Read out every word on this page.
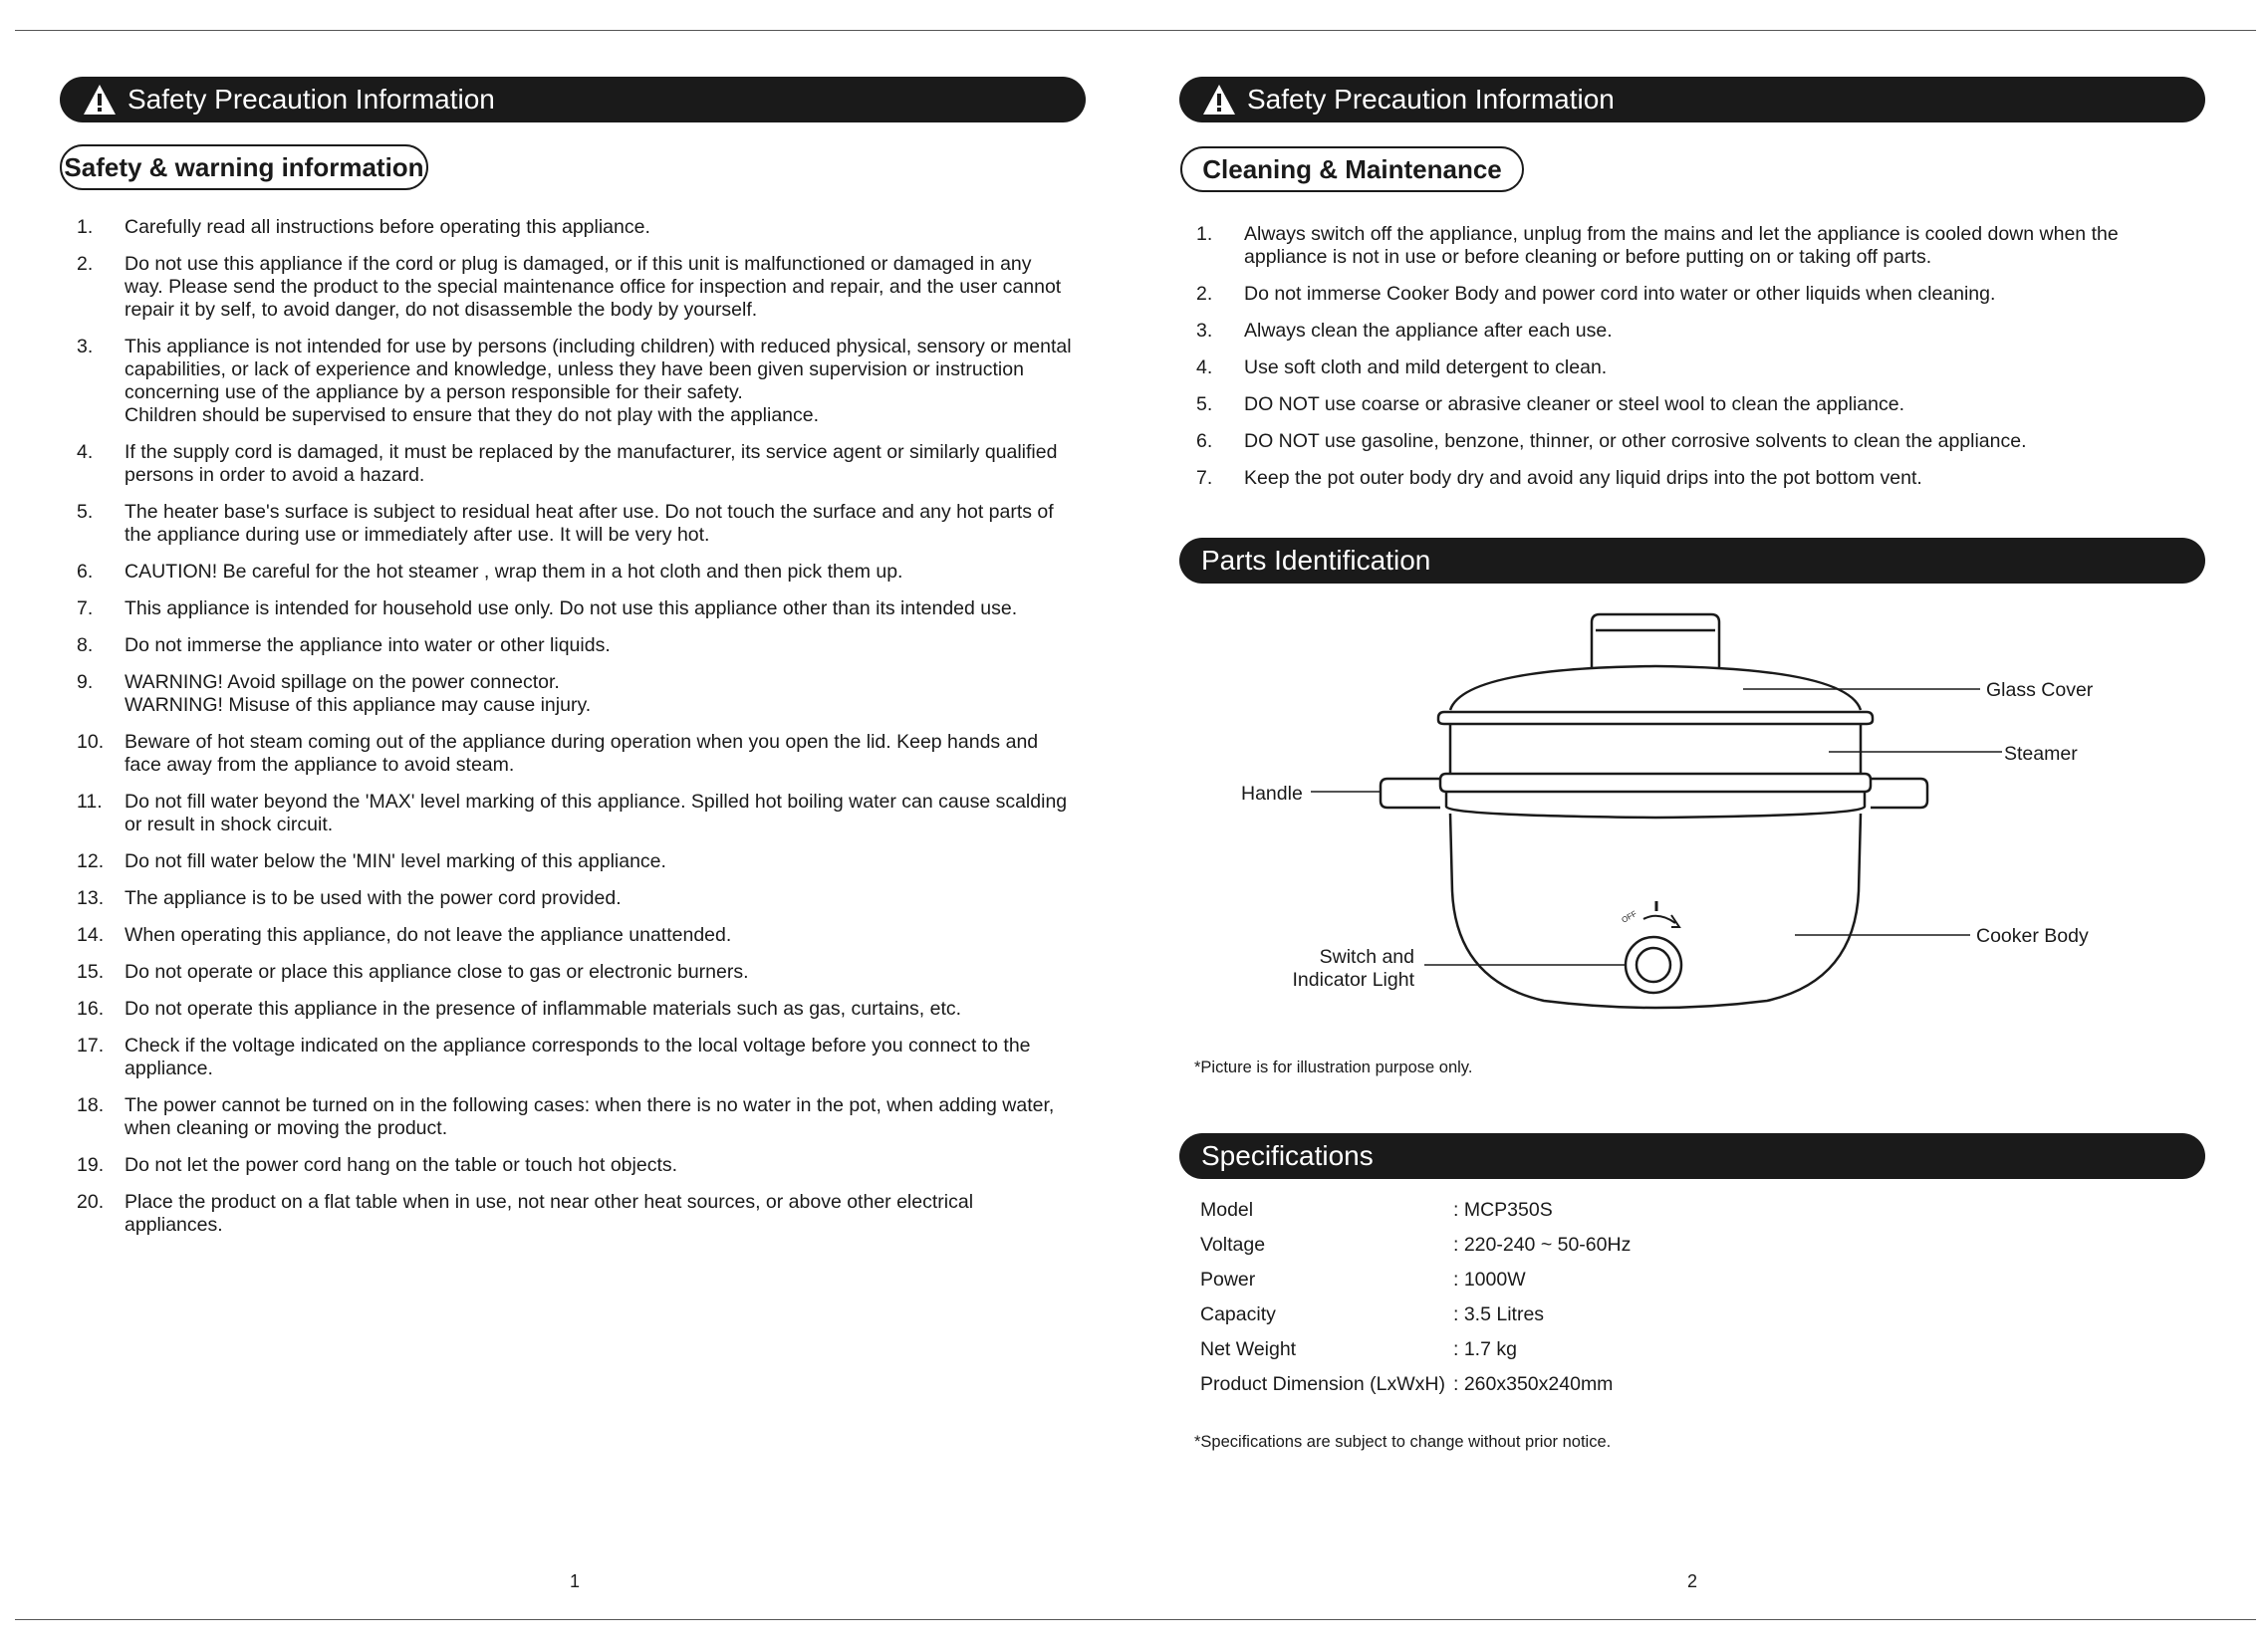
Safety Precaution Information
Safety & warning information
1. Carefully read all instructions before operating this appliance.
2. Do not use this appliance if the cord or plug is damaged, or if this unit is malfunctioned or damaged in any way. Please send the product to the special maintenance office for inspection and repair, and the user cannot repair it by self, to avoid danger, do not disassemble the body by yourself.
3. This appliance is not intended for use by persons (including children) with reduced physical, sensory or mental capabilities, or lack of experience and knowledge, unless they have been given supervision or instruction concerning use of the appliance by a person responsible for their safety.
Children should be supervised to ensure that they do not play with the appliance.
4. If the supply cord is damaged, it must be replaced by the manufacturer, its service agent or similarly qualified persons in order to avoid a hazard.
5. The heater base's surface is subject to residual heat after use. Do not touch the surface and any hot parts of the appliance during use or immediately after use. It will be very hot.
6. CAUTION! Be careful for the hot steamer , wrap them in a hot cloth and then pick them up.
7. This appliance is intended for household use only. Do not use this appliance other than its intended use.
8. Do not immerse the appliance into water or other liquids.
9. WARNING! Avoid spillage on the power connector.
WARNING! Misuse of this appliance may cause injury.
10. Beware of hot steam coming out of the appliance during operation when you open the lid. Keep hands and face away from the appliance to avoid steam.
11. Do not fill water beyond the 'MAX' level marking of this appliance. Spilled hot boiling water can cause scalding or result in shock circuit.
12. Do not fill water below the 'MIN' level marking of this appliance.
13. The appliance is to be used with the power cord provided.
14. When operating this appliance, do not leave the appliance unattended.
15. Do not operate or place this appliance close to gas or electronic burners.
16. Do not operate this appliance in the presence of inflammable materials such as gas, curtains, etc.
17. Check if the voltage indicated on the appliance corresponds to the local voltage before you connect to the appliance.
18. The power cannot be turned on in the following cases: when there is no water in the pot, when adding water, when cleaning or moving the product.
19. Do not let the power cord hang on the table or touch hot objects.
20. Place the product on a flat table when in use, not near other heat sources, or above other electrical appliances.
1
Safety Precaution Information
Cleaning & Maintenance
1. Always switch off the appliance, unplug from the mains and let the appliance is cooled down when the appliance is not in use or before cleaning or before putting on or taking off parts.
2. Do not immerse Cooker Body and power cord into water or other liquids when cleaning.
3. Always clean the appliance after each use.
4. Use soft cloth and mild detergent to clean.
5. DO NOT use coarse or abrasive cleaner or steel wool to clean the appliance.
6. DO NOT use gasoline, benzone, thinner, or other corrosive solvents to clean the appliance.
7. Keep the pot outer body dry and avoid any liquid drips into the pot bottom vent.
Parts Identification
OFF
Glass Cover
Steamer
Handle
Cooker Body
Switch and
Indicator Light
*Picture is for illustration purpose only.
Specifications
Model	: MCP350S
Voltage	: 220-240 ~ 50-60Hz
Power	: 1000W
Capacity	: 3.5 Litres
Net Weight	: 1.7 kg
Product Dimension (LxWxH)	: 260x350x240mm
*Specifications are subject to change without prior notice.
2
